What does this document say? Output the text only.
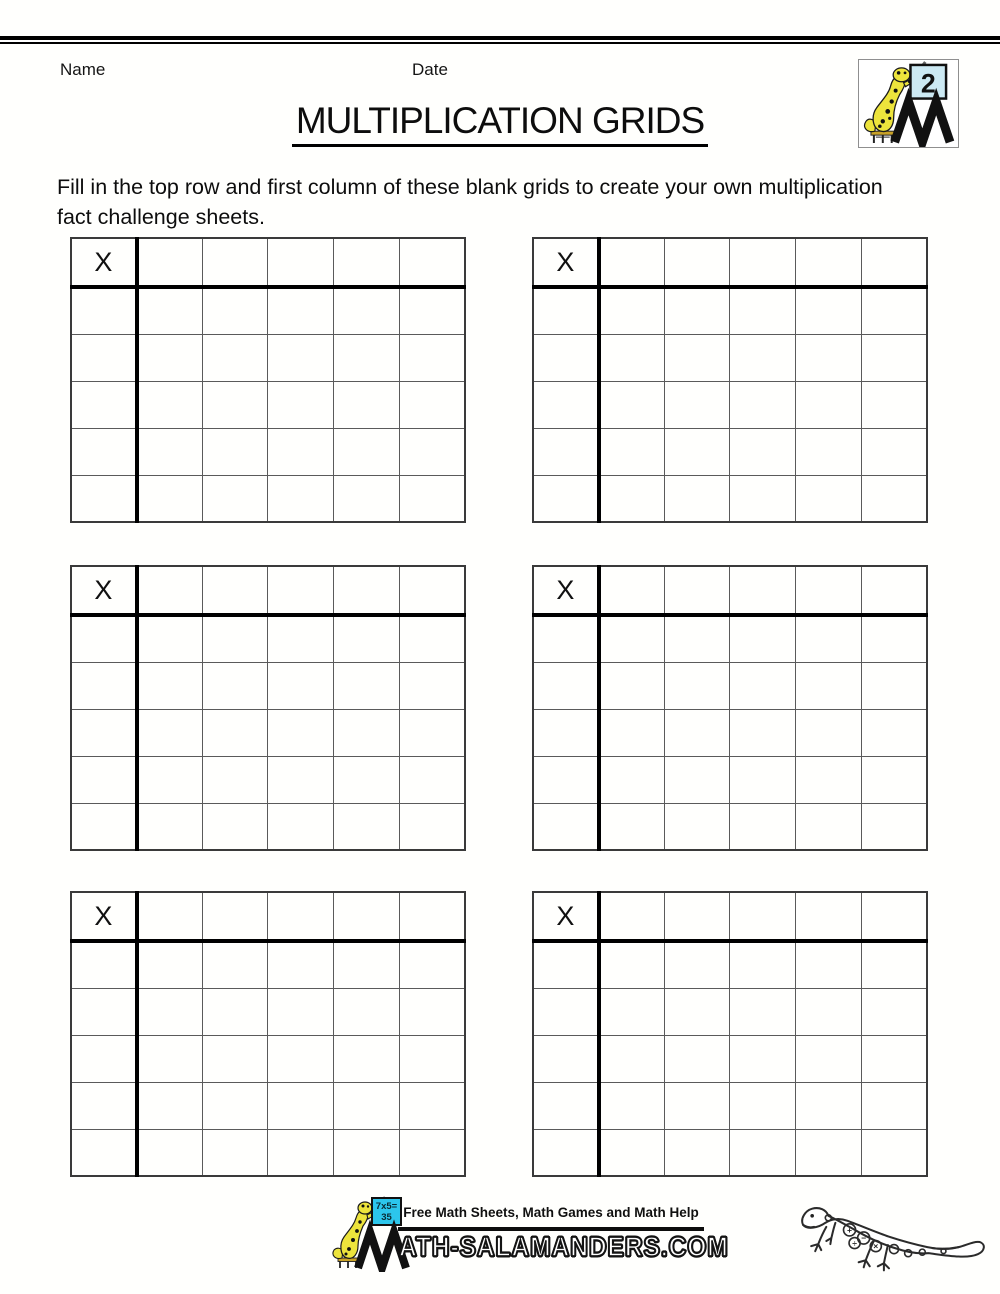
Name	Date	2
MULTIPLICATION GRIDS

Fill in the top row and first column of these blank grids to create your own multiplication fact challenge sheets.

X					

						X					

X					

						X					

X					

						X					

7x5=
35 Free Math Sheets, Math Games and Math Help
ATH-SALAMANDERS.COM
+
−
÷ ×
